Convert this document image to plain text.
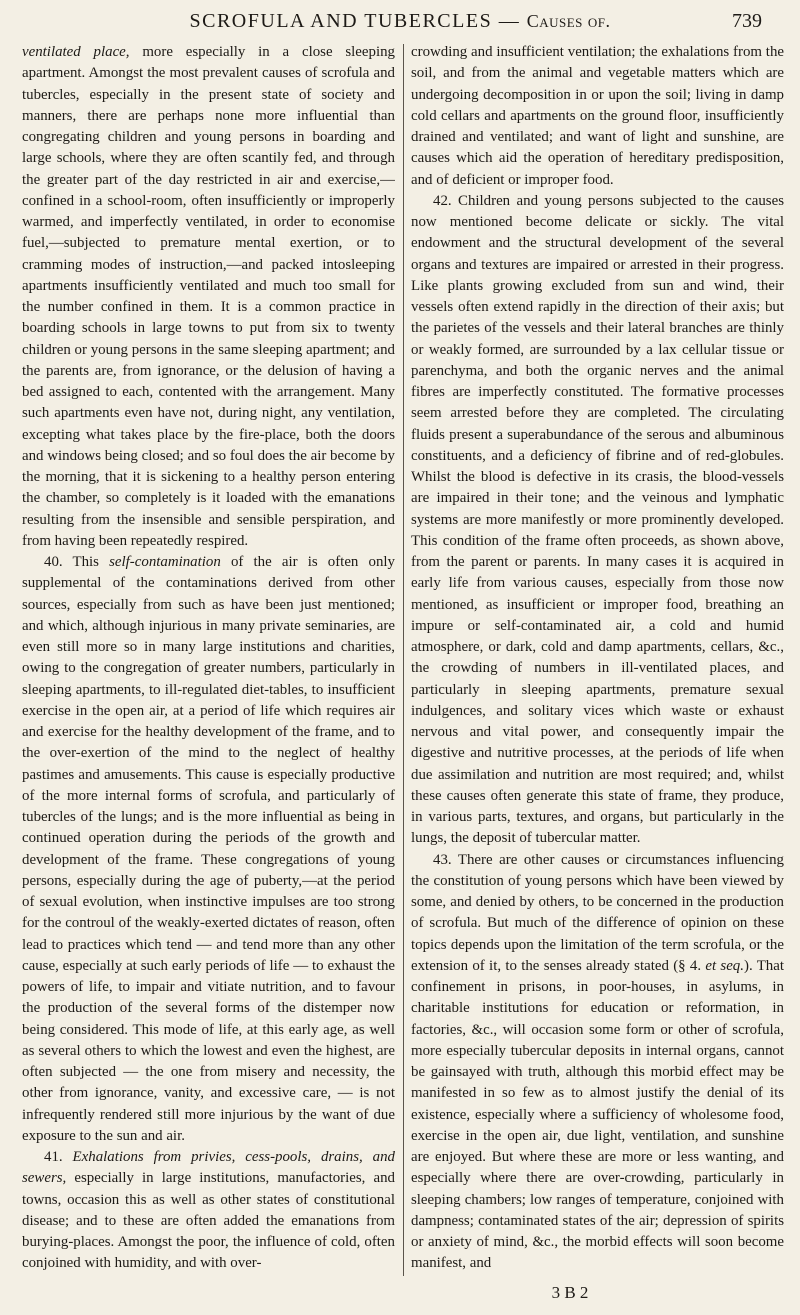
SCROFULA AND TUBERCLES — Causes of.	739

ventilated place, more especially in a close sleeping apartment. Amongst the most prevalent causes of scrofula and tubercles, especially in the present state of society and manners, there are perhaps none more influential than congregating children and young persons in boarding and large schools, where they are often scantily fed, and through the greater part of the day restricted in air and exercise,—confined in a school-room, often insufficiently or improperly warmed, and imperfectly ventilated, in order to economise fuel,—subjected to premature mental exertion, or to cramming modes of instruction,—and packed intosleeping apartments insufficiently ventilated and much too small for the number confined in them. It is a common practice in boarding schools in large towns to put from six to twenty children or young persons in the same sleeping apartment; and the parents are, from ignorance, or the delusion of having a bed assigned to each, contented with the arrangement. Many such apartments even have not, during night, any ventilation, excepting what takes place by the fire-place, both the doors and windows being closed; and so foul does the air become by the morning, that it is sickening to a healthy person entering the chamber, so completely is it loaded with the emanations resulting from the insensible and sensible perspiration, and from having been repeatedly respired.

40. This self-contamination of the air is often only supplemental of the contaminations derived from other sources, especially from such as have been just mentioned; and which, although injurious in many private seminaries, are even still more so in many large institutions and charities, owing to the congregation of greater numbers, particularly in sleeping apartments, to ill-regulated diet-tables, to insufficient exercise in the open air, at a period of life which requires air and exercise for the healthy development of the frame, and to the over-exertion of the mind to the neglect of healthy pastimes and amusements. This cause is especially productive of the more internal forms of scrofula, and particularly of tubercles of the lungs; and is the more influential as being in continued operation during the periods of the growth and development of the frame. These congregations of young persons, especially during the age of puberty,—at the period of sexual evolution, when instinctive impulses are too strong for the controul of the weakly-exerted dictates of reason, often lead to practices which tend — and tend more than any other cause, especially at such early periods of life — to exhaust the powers of life, to impair and vitiate nutrition, and to favour the production of the several forms of the distemper now being considered. This mode of life, at this early age, as well as several others to which the lowest and even the highest, are often subjected — the one from misery and necessity, the other from ignorance, vanity, and excessive care, — is not infrequently rendered still more injurious by the want of due exposure to the sun and air.

41. Exhalations from privies, cess-pools, drains, and sewers, especially in large institutions, manufactories, and towns, occasion this as well as other states of constitutional disease; and to these are often added the emanations from burying-places. Amongst the poor, the influence of cold, often conjoined with humidity, and with over-

crowding and insufficient ventilation; the exhalations from the soil, and from the animal and vegetable matters which are undergoing decomposition in or upon the soil; living in damp cold cellars and apartments on the ground floor, insufficiently drained and ventilated; and want of light and sunshine, are causes which aid the operation of hereditary predisposition, and of deficient or improper food.

42. Children and young persons subjected to the causes now mentioned become delicate or sickly. The vital endowment and the structural development of the several organs and textures are impaired or arrested in their progress. Like plants growing excluded from sun and wind, their vessels often extend rapidly in the direction of their axis; but the parietes of the vessels and their lateral branches are thinly or weakly formed, are surrounded by a lax cellular tissue or parenchyma, and both the organic nerves and the animal fibres are imperfectly constituted. The formative processes seem arrested before they are completed. The circulating fluids present a superabundance of the serous and albuminous constituents, and a deficiency of fibrine and of red-globules. Whilst the blood is defective in its crasis, the blood-vessels are impaired in their tone; and the veinous and lymphatic systems are more manifestly or more prominently developed. This condition of the frame often proceeds, as shown above, from the parent or parents. In many cases it is acquired in early life from various causes, especially from those now mentioned, as insufficient or improper food, breathing an impure or self-contaminated air, a cold and humid atmosphere, or dark, cold and damp apartments, cellars, &c., the crowding of numbers in ill-ventilated places, and particularly in sleeping apartments, premature sexual indulgences, and solitary vices which waste or exhaust nervous and vital power, and consequently impair the digestive and nutritive processes, at the periods of life when due assimilation and nutrition are most required; and, whilst these causes often generate this state of frame, they produce, in various parts, textures, and organs, but particularly in the lungs, the deposit of tubercular matter.

43. There are other causes or circumstances influencing the constitution of young persons which have been viewed by some, and denied by others, to be concerned in the production of scrofula. But much of the difference of opinion on these topics depends upon the limitation of the term scrofula, or the extension of it, to the senses already stated (§ 4. et seq.). That confinement in prisons, in poor-houses, in asylums, in charitable institutions for education or reformation, in factories, &c., will occasion some form or other of scrofula, more especially tubercular deposits in internal organs, cannot be gainsayed with truth, although this morbid effect may be manifested in so few as to almost justify the denial of its existence, especially where a sufficiency of wholesome food, exercise in the open air, due light, ventilation, and sunshine are enjoyed. But where these are more or less wanting, and especially where there are over-crowding, particularly in sleeping chambers; low ranges of temperature, conjoined with dampness; contaminated states of the air; depression of spirits or anxiety of mind, &c., the morbid effects will soon become manifest, and

3 B 2
